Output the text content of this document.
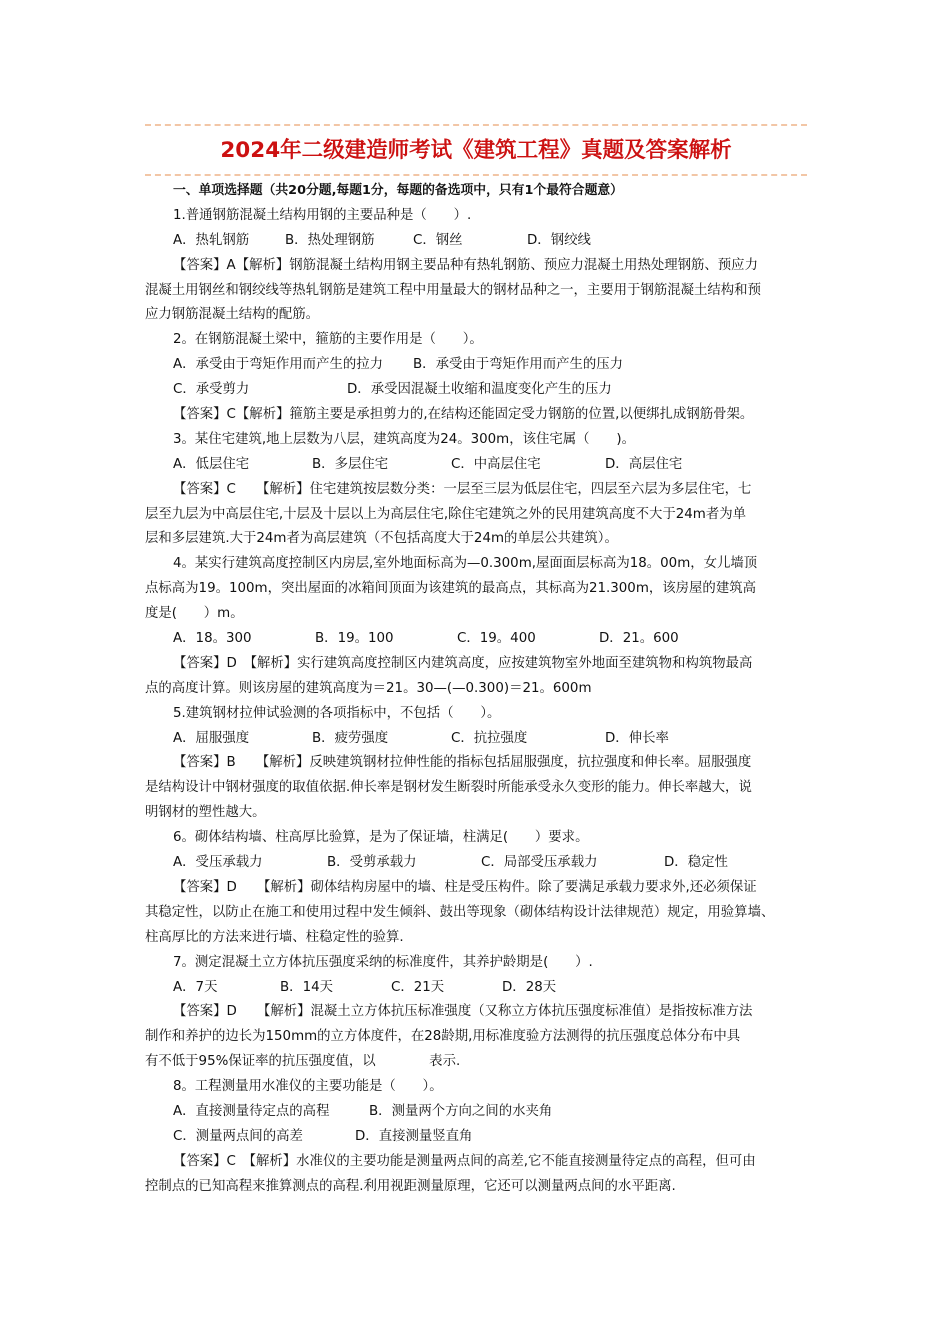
2024年二级建造师考试《建筑工程》真题及答案解析
一、单项选择题（共20分题,每题1分，每题的备选项中，只有1个最符合题意）
1.普通钢筋混凝土结构用钢的主要品种是（　　）.
A．热轧钢筋	B．热处理钢筋	C．钢丝	D．钢绞线
【答案】A【解析】钢筋混凝土结构用钢主要品种有热轧钢筋、预应力混凝土用热处理钢筋、预应力
混凝土用钢丝和钢绞线等热轧钢筋是建筑工程中用量最大的钢材品种之一，主要用于钢筋混凝土结构和预
应力钢筋混凝土结构的配筋。
2。在钢筋混凝土梁中，箍筋的主要作用是（　　）。
A．承受由于弯矩作用而产生的拉力 B．承受由于弯矩作用而产生的压力
C．承受剪力	D．承受因混凝土收缩和温度变化产生的压力
【答案】C【解析】箍筋主要是承担剪力的,在结构还能固定受力钢筋的位置,以便绑扎成钢筋骨架。
3。某住宅建筑,地上层数为八层，建筑高度为24。300m，该住宅属（　　)。
A．低层住宅	B．多层住宅	C．中高层住宅	D．高层住宅
【答案】C　　【解析】住宅建筑按层数分类：一层至三层为低层住宅，四层至六层为多层住宅，七
层至九层为中高层住宅,十层及十层以上为高层住宅,除住宅建筑之外的民用建筑高度不大于24m者为单
层和多层建筑.大于24m者为高层建筑（不包括高度大于24m的单层公共建筑）。
4。某实行建筑高度控制区内房层,室外地面标高为—0.300m,屋面面层标高为18。00m，女儿墙顶
点标高为19。100m，突出屋面的冰箱间顶面为该建筑的最高点，其标高为21.300m，该房屋的建筑高
度是(　　）m。
A．18。300	B．19。100	C．19。400	D．21。600
【答案】D　【解析】实行建筑高度控制区内建筑高度，应按建筑物室外地面至建筑物和构筑物最高
点的高度计算。则该房屋的建筑高度为＝21。30—(—0.300)＝21。600m
5.建筑钢材拉伸试验测的各项指标中，不包括（　　）。
A．屈服强度	B．疲劳强度	C．抗拉强度	D．伸长率
【答案】B　　【解析】反映建筑钢材拉伸性能的指标包括屈服强度，抗拉强度和伸长率。屈服强度
是结构设计中钢材强度的取值依据.伸长率是钢材发生断裂时所能承受永久变形的能力。伸长率越大，说
明钢材的塑性越大。
6。砌体结构墙、柱高厚比验算，是为了保证墙，柱满足(　　）要求。
A．受压承载力	B．受剪承载力	C．局部受压承载力	D．稳定性
【答案】D　　【解析】砌体结构房屋中的墙、柱是受压构件。除了要满足承载力要求外,还必须保证
其稳定性，以防止在施工和使用过程中发生倾斜、鼓出等现象（砌体结构设计法律规范）规定，用验算墙、
柱高厚比的方法来进行墙、柱稳定性的验算.
7。测定混凝土立方体抗压强度采纳的标准度件，其养护龄期是(　　）.
A．7天	B．14天	C．21天	D．28天
【答案】D　　【解析】混凝土立方体抗压标准强度（又称立方体抗压强度标准值）是指按标准方法
制作和养护的边长为150mm的立方体度件，在28龄期,用标准度验方法测得的抗压强度总体分布中具
有不低于95%保证率的抗压强度值，以　　　　表示.
8。工程测量用水准仪的主要功能是（　　）。
A．直接测量待定点的高程	B．测量两个方向之间的水夹角
C．测量两点间的高差	D．直接测量竖直角
【答案】C　【解析】水准仪的主要功能是测量两点间的高差,它不能直接测量待定点的高程，但可由
控制点的已知高程来推算测点的高程.利用视距测量原理，它还可以测量两点间的水平距离.
